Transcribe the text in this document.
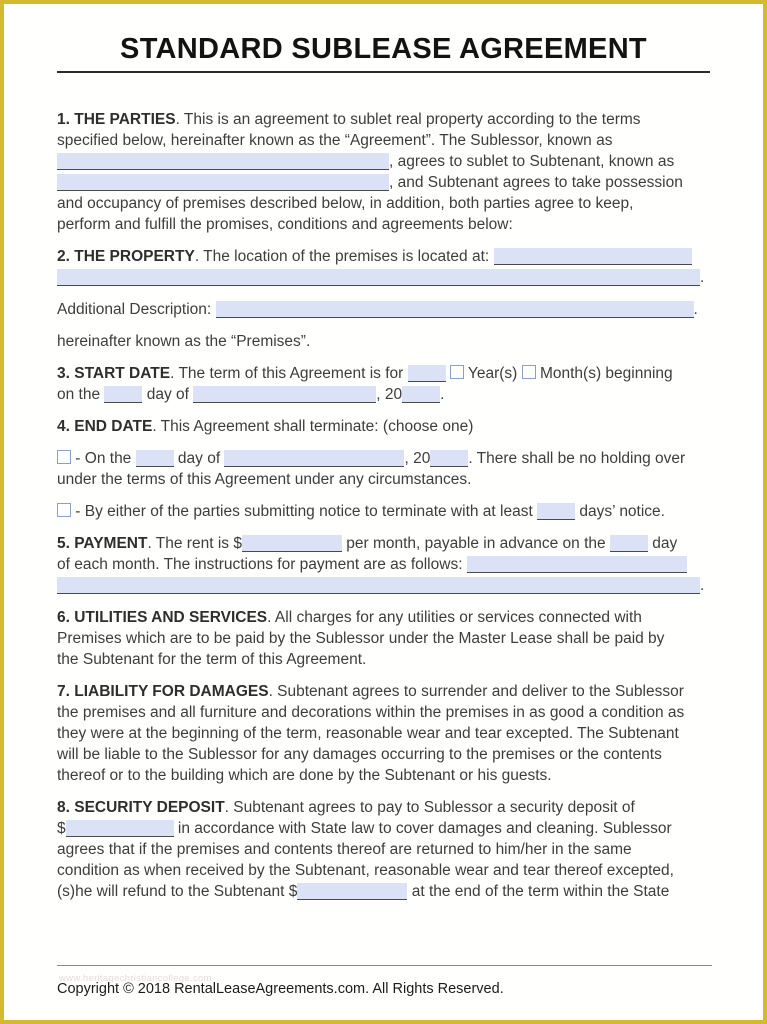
STANDARD SUBLEASE AGREEMENT

1. THE PARTIES. This is an agreement to sublet real property according to the terms
specified below, hereinafter known as the “Agreement”. The Sublessor, known as
, agrees to sublet to Subtenant, known as
, and Subtenant agrees to take possession
and occupancy of premises described below, in addition, both parties agree to keep,
perform and fulfill the promises, conditions and agreements below:

2. THE PROPERTY. The location of the premises is located at:
.

Additional Description:	.

hereinafter known as the “Premises”.

3. START DATE. The term of this Agreement is for	Year(s)  Month(s) beginning
on the  day of	, 20 .

4. END DATE. This Agreement shall terminate: (choose one)

- On the  day of	, 20 . There shall be no holding over
under the terms of this Agreement under any circumstances.

- By either of the parties submitting notice to terminate with at least  days’ notice.

5. PAYMENT. The rent is $	per month, payable in advance on the  day
of each month. The instructions for payment are as follows:
.

6. UTILITIES AND SERVICES. All charges for any utilities or services connected with
Premises which are to be paid by the Sublessor under the Master Lease shall be paid by
the Subtenant for the term of this Agreement.

7. LIABILITY FOR DAMAGES. Subtenant agrees to surrender and deliver to the Sublessor
the premises and all furniture and decorations within the premises in as good a condition as
they were at the beginning of the term, reasonable wear and tear excepted. The Subtenant
will be liable to the Sublessor for any damages occurring to the premises or the contents
thereof or to the building which are done by the Subtenant or his guests.

8. SECURITY DEPOSIT. Subtenant agrees to pay to Sublessor a security deposit of
$	in accordance with State law to cover damages and cleaning. Sublessor
agrees that if the premises and contents thereof are returned to him/her in the same
condition as when received by the Subtenant, reasonable wear and tear thereof excepted,
(s)he will refund to the Subtenant $	at the end of the term within the State

www.heritagechristiancollege.com
Copyright © 2018 RentalLeaseAgreements.com. All Rights Reserved.
